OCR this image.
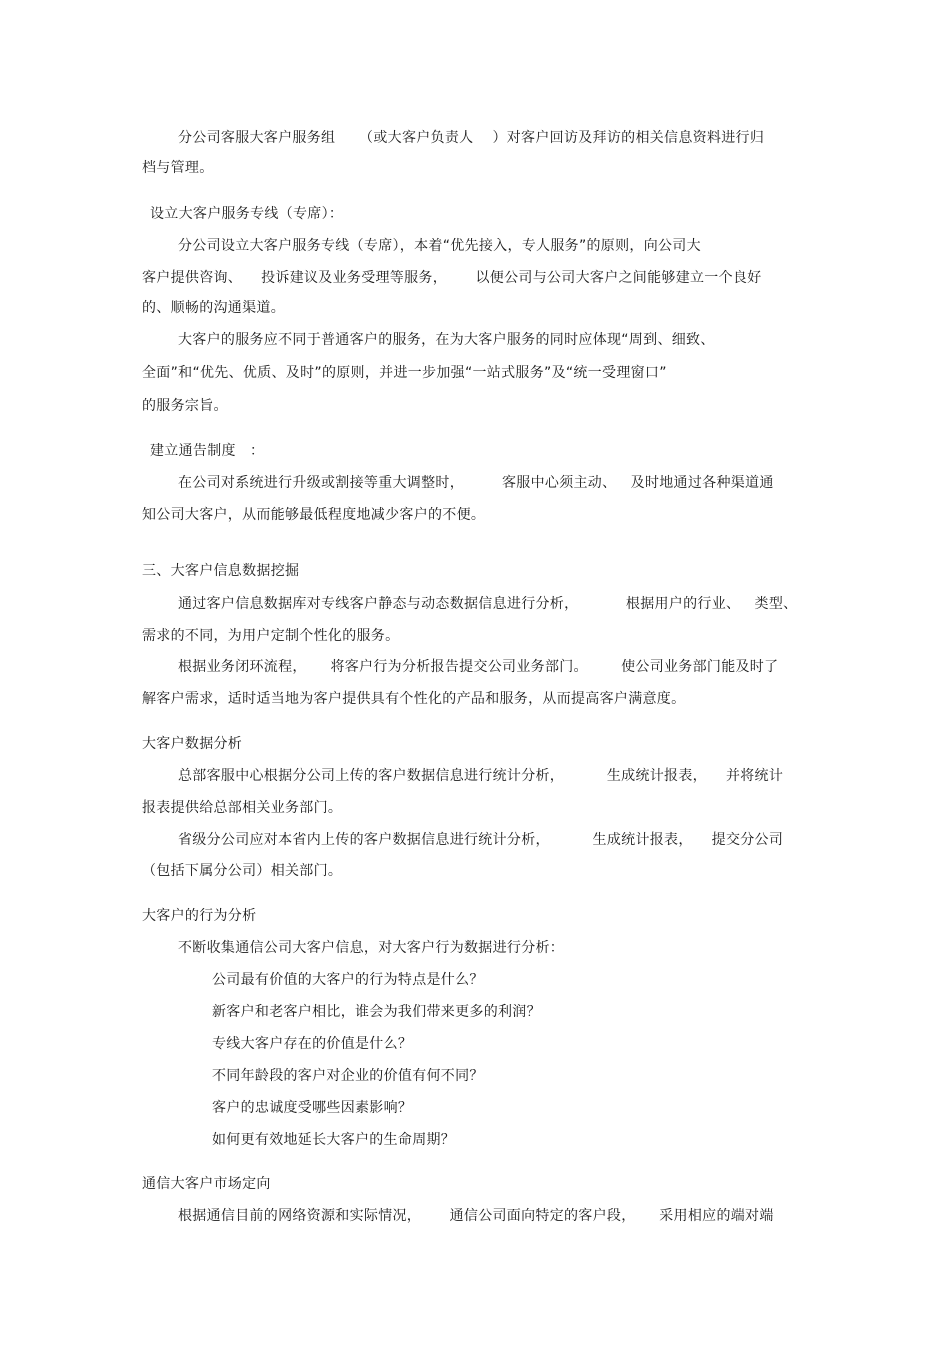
分公司客服大客户服务组     （或大客户负责人    ）对客户回访及拜访的相关信息资料进行归
档与管理。
设立大客户服务专线（专席）：
分公司设立大客户服务专线（专席），本着“优先接入，专人服务”的原则，向公司大
客户提供咨询、    投诉建议及业务受理等服务，      以便公司与公司大客户之间能够建立一个良好
的、顺畅的沟通渠道。
大客户的服务应不同于普通客户的服务，在为大客户服务的同时应体现“周到、细致、
全面”和“优先、优质、及时”的原则，并进一步加强“一站式服务”及“统一受理窗口”
的服务宗旨。
建立通告制度   ：
在公司对系统进行升级或割接等重大调整时，        客服中心须主动、   及时地通过各种渠道通
知公司大客户，从而能够最低程度地减少客户的不便。
三、大客户信息数据挖掘
通过客户信息数据库对专线客户静态与动态数据信息进行分析，          根据用户的行业、   类型、
需求的不同，为用户定制个性化的服务。
根据业务闭环流程，     将客户行为分析报告提交公司业务部门。       使公司业务部门能及时了
解客户需求，适时适当地为客户提供具有个性化的产品和服务，从而提高客户满意度。
大客户数据分析
总部客服中心根据分公司上传的客户数据信息进行统计分析，         生成统计报表，    并将统计
报表提供给总部相关业务部门。
省级分公司应对本省内上传的客户数据信息进行统计分析，         生成统计报表，    提交分公司
（包括下属分公司）相关部门。
大客户的行为分析
不断收集通信公司大客户信息，对大客户行为数据进行分析：
公司最有价值的大客户的行为特点是什么？
新客户和老客户相比，谁会为我们带来更多的利润？
专线大客户存在的价值是什么？
不同年龄段的客户对企业的价值有何不同？
客户的忠诚度受哪些因素影响？
如何更有效地延长大客户的生命周期？
通信大客户市场定向
根据通信目前的网络资源和实际情况，      通信公司面向特定的客户段，     采用相应的端对端
